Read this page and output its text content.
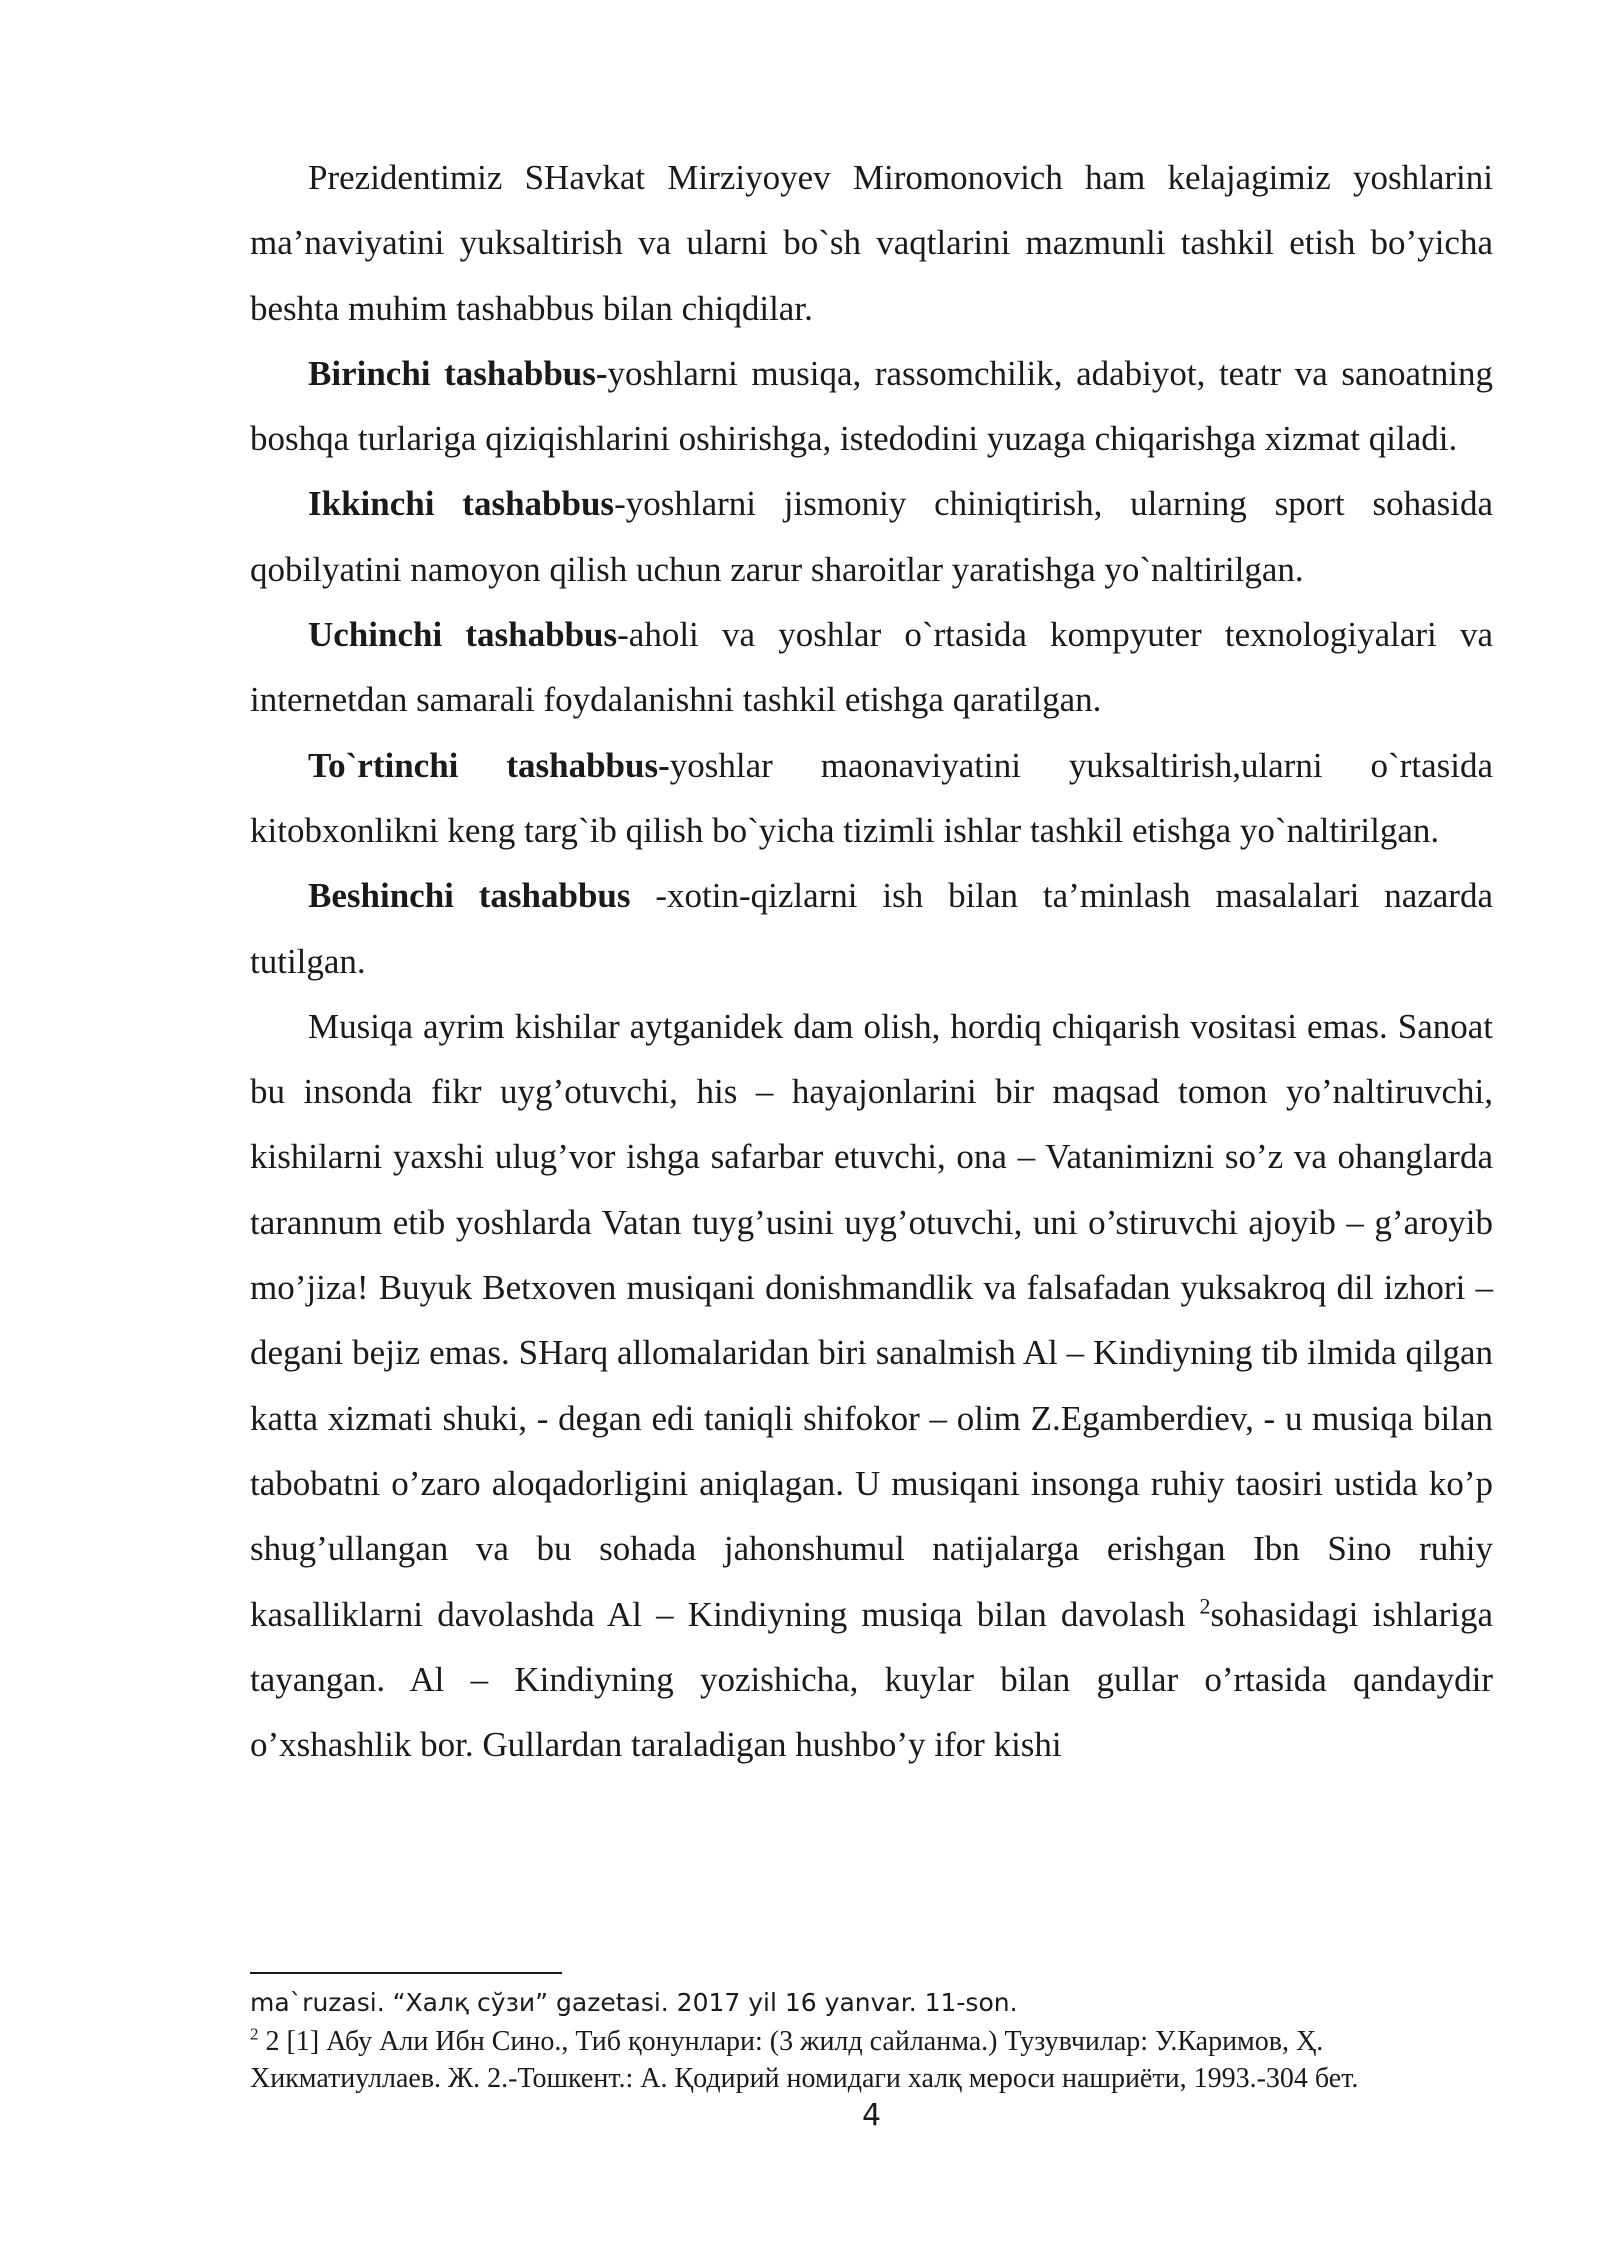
Prezidentimiz SHavkat Mirziyoyev Miromonovich ham kelajagimiz yoshlarini ma’naviyatini yuksaltirish va ularni bo`sh vaqtlarini mazmunli tashkil etish bo’yicha beshta muhim tashabbus bilan chiqdilar.

Birinchi tashabbus-yoshlarni musiqa, rassomchilik, adabiyot, teatr va sanoatning boshqa turlariga qiziqishlarini oshirishga, istedodini yuzaga chiqarishga xizmat qiladi.

Ikkinchi tashabbus-yoshlarni jismoniy chiniqtirish, ularning sport sohasida qobilyatini namoyon qilish uchun zarur sharoitlar yaratishga yo`naltirilgan.

Uchinchi tashabbus-aholi va yoshlar o`rtasida kompyuter texnologiyalari va internetdan samarali foydalanishni tashkil etishga qaratilgan.

To`rtinchi tashabbus-yoshlar maonaviyatini yuksaltirish,ularni o`rtasida kitobxonlikni keng targ`ib qilish bo`yicha tizimli ishlar tashkil etishga yo`naltirilgan.

Beshinchi tashabbus -xotin-qizlarni ish bilan ta’minlash masalalari nazarda tutilgan.

Musiqa ayrim kishilar aytganidek dam olish, hordiq chiqarish vositasi emas. Sanoat bu insonda fikr uyg’otuvchi, his – hayajonlarini bir maqsad tomon yo’naltiruvchi, kishilarni yaxshi ulug’vor ishga safarbar etuvchi, ona – Vatanimizni so’z va ohanglarda tarannum etib yoshlarda Vatan tuyg’usini uyg’otuvchi, uni o’stiruvchi ajoyib – g’aroyib mo’jiza! Buyuk Betxoven musiqani donishmandlik va falsafadan yuksakroq dil izhori – degani bejiz emas. SHarq allomalaridan biri sanalmish Al – Kindiyning tib ilmida qilgan katta xizmati shuki, - degan edi taniqli shifokor – olim Z.Egamberdiev, - u musiqa bilan tabobatni o’zaro aloqadorligini aniqlagan. U musiqani insonga ruhiy taosiri ustida ko’p shug’ullangan va bu sohada jahonshumul natijalarga erishgan Ibn Sino ruhiy kasalliklarni davolashda Al – Kindiyning musiqa bilan davolash $^2$sohasidagi ishlariga tayangan. Al – Kindiyning yozishicha, kuylar bilan gullar o’rtasida qandaydir o’xshashlik bor. Gullardan taraladigan hushbo’y ifor kishi

ma`ruzasi. “Халқ сўзи” gazetasi. 2017 yil 16 yanvar. 11-son.

$^2$ 2 [1] Абу Али Ибн Сино., Тиб қонунлари: (3 жилд сайланма.) Тузувчилар: У.Каримов, Ҳ. Хикматиуллаев. Ж. 2.-Тошкент.: А. Қодирий номидаги халқ мероси нашриёти, 1993.-304 бет.

4
